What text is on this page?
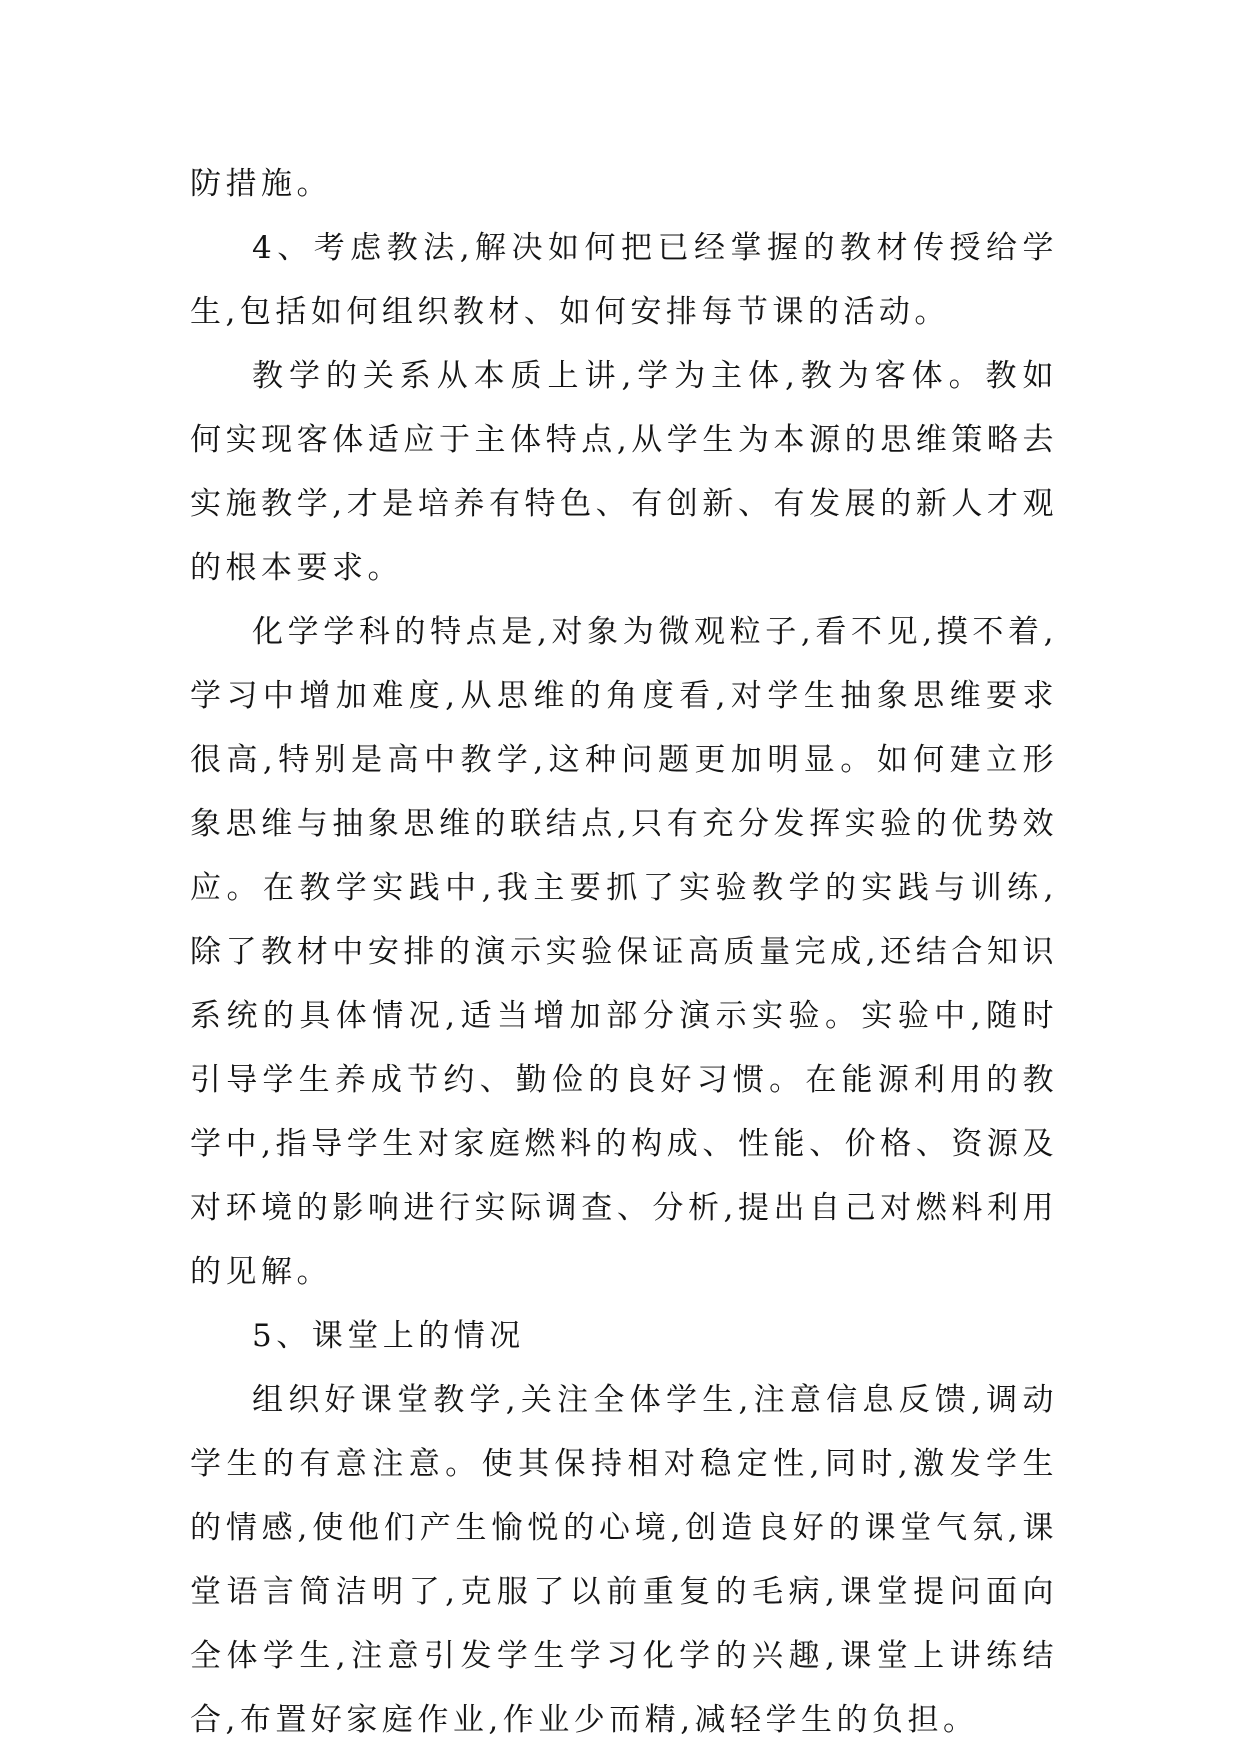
防措施。

4、考虑教法,解决如何把已经掌握的教材传授给学生,包括如何组织教材、如何安排每节课的活动。

教学的关系从本质上讲,学为主体,教为客体。教如何实现客体适应于主体特点,从学生为本源的思维策略去实施教学,才是培养有特色、有创新、有发展的新人才观的根本要求。

化学学科的特点是,对象为微观粒子,看不见,摸不着,学习中增加难度,从思维的角度看,对学生抽象思维要求很高,特别是高中教学,这种问题更加明显。如何建立形象思维与抽象思维的联结点,只有充分发挥实验的优势效应。在教学实践中,我主要抓了实验教学的实践与训练,除了教材中安排的演示实验保证高质量完成,还结合知识系统的具体情况,适当增加部分演示实验。实验中,随时引导学生养成节约、勤俭的良好习惯。在能源利用的教学中,指导学生对家庭燃料的构成、性能、价格、资源及对环境的影响进行实际调查、分析,提出自己对燃料利用的见解。

5、课堂上的情况

组织好课堂教学,关注全体学生,注意信息反馈,调动学生的有意注意。使其保持相对稳定性,同时,激发学生的情感,使他们产生愉悦的心境,创造良好的课堂气氛,课堂语言简洁明了,克服了以前重复的毛病,课堂提问面向全体学生,注意引发学生学习化学的兴趣,课堂上讲练结合,布置好家庭作业,作业少而精,减轻学生的负担。
